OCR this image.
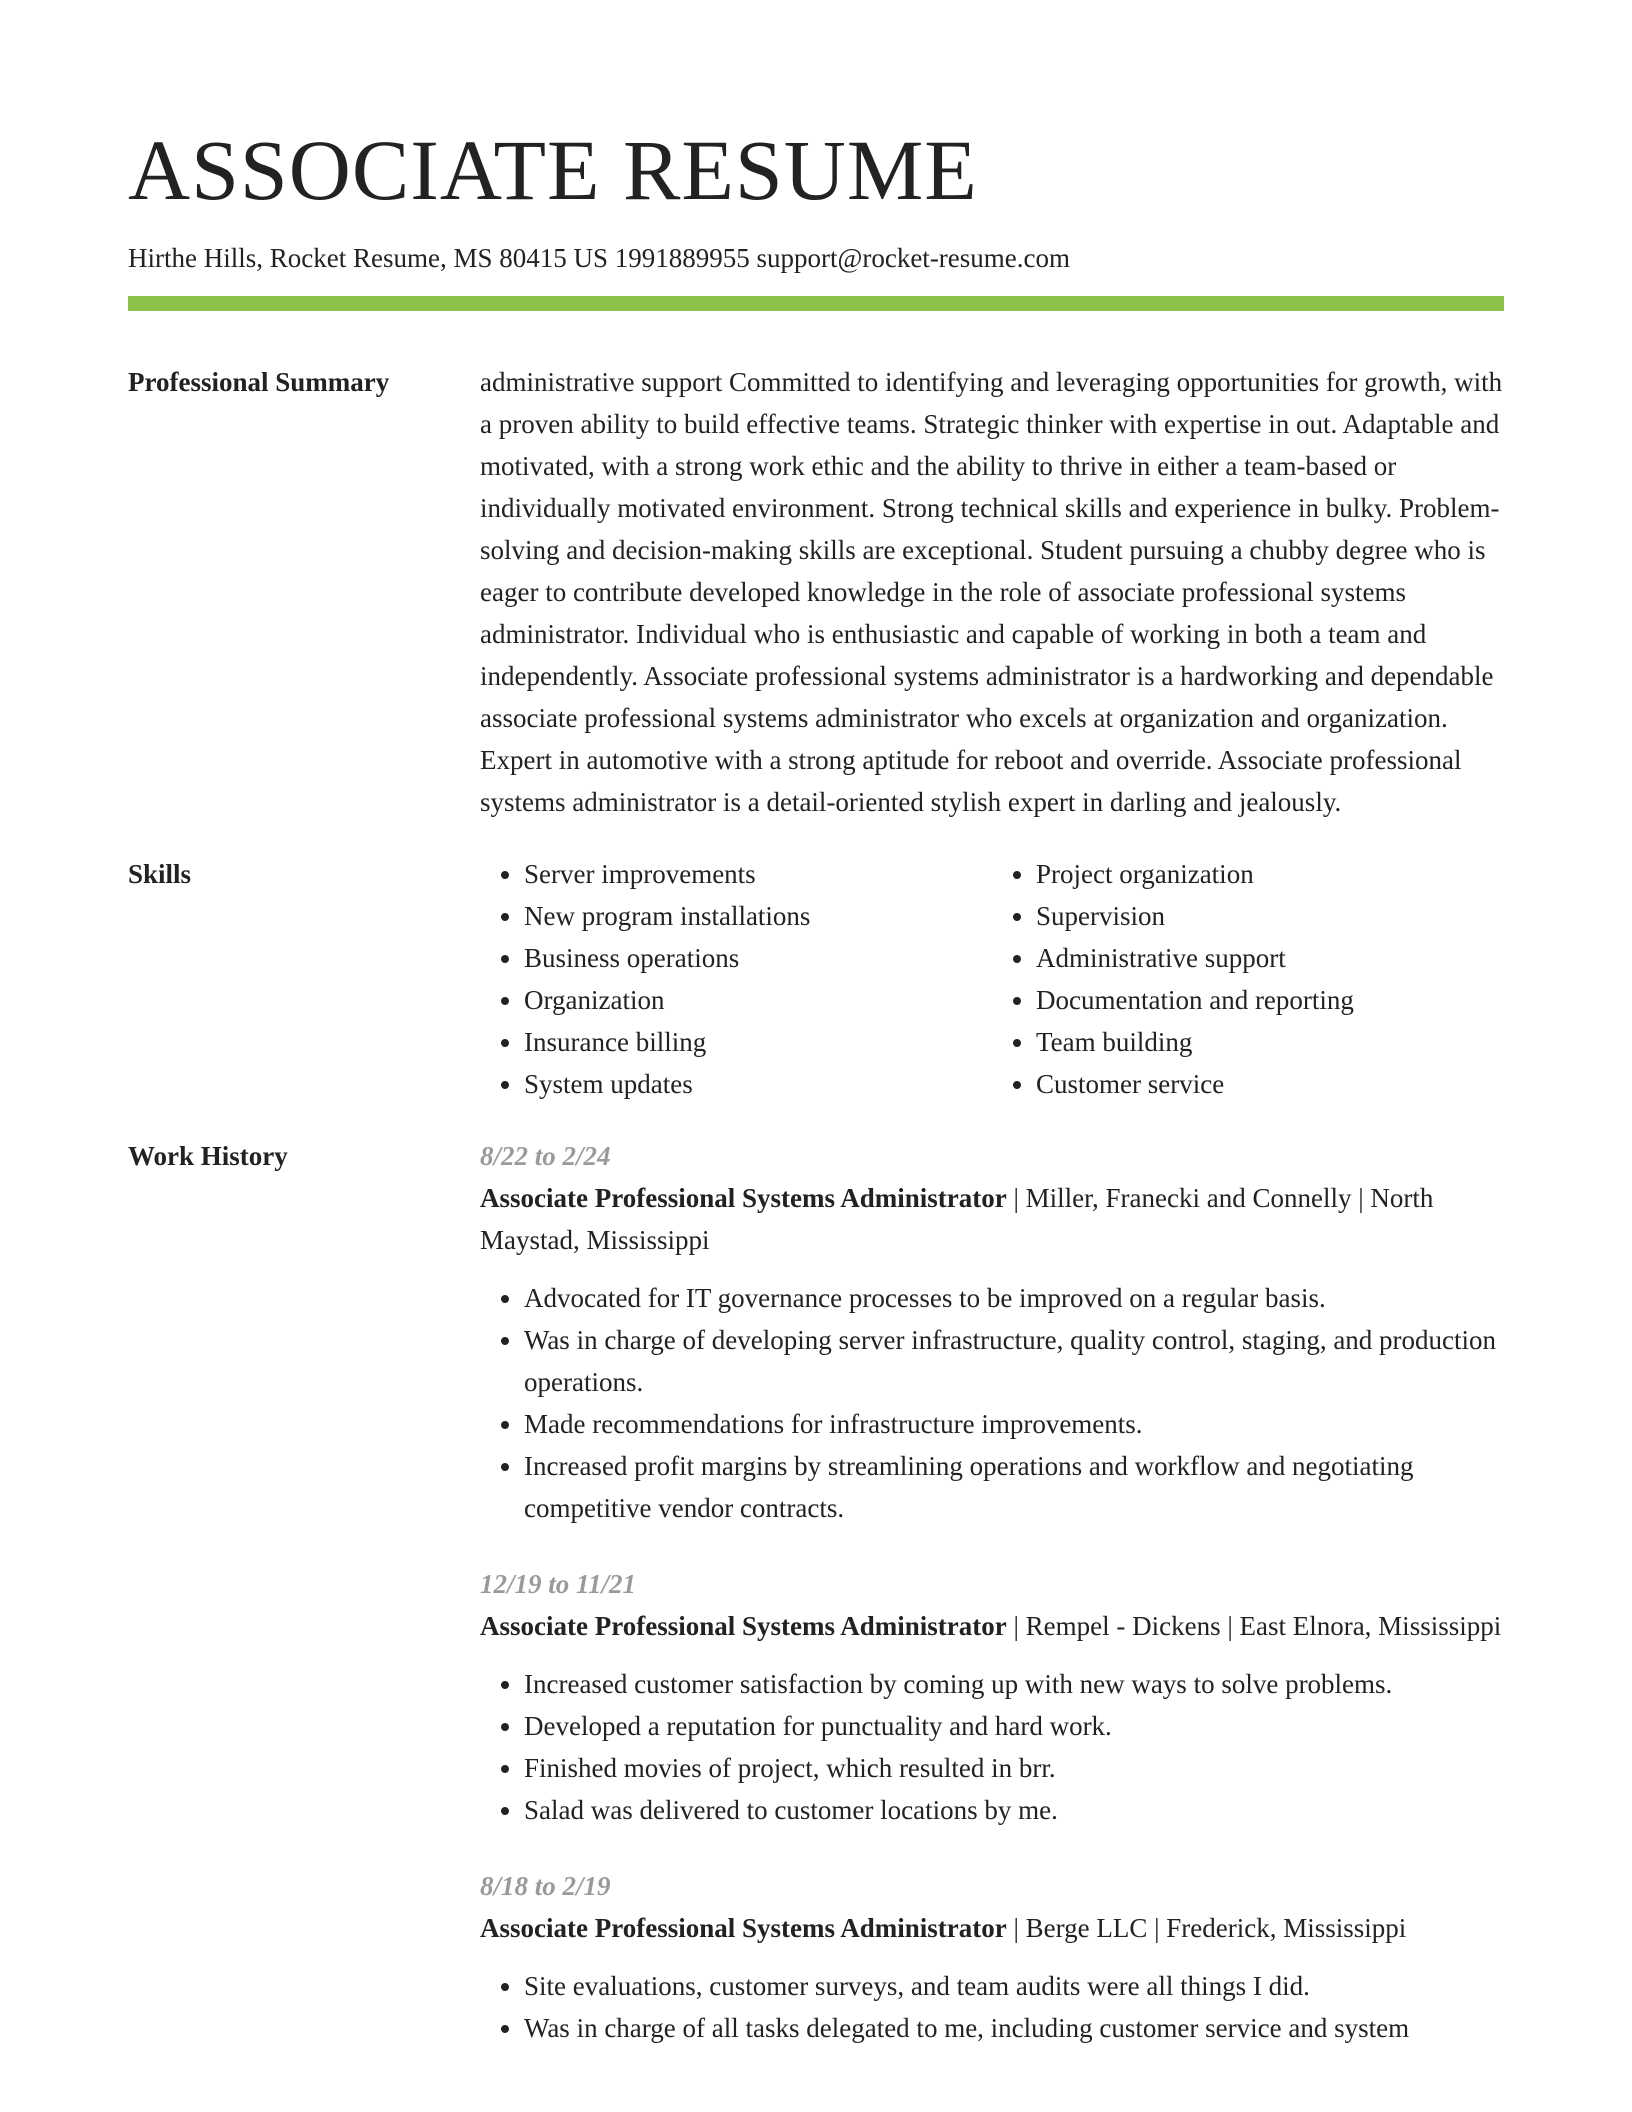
ASSOCIATE RESUME
Hirthe Hills, Rocket Resume, MS 80415 US 1991889955 support@rocket-resume.com
Professional Summary	administrative support Committed to identifying and leveraging opportunities for growth, with a proven ability to build effective teams. Strategic thinker with expertise in out. Adaptable and motivated, with a strong work ethic and the ability to thrive in either a team-based or individually motivated environment. Strong technical skills and experience in bulky. Problem-solving and decision-making skills are exceptional. Student pursuing a chubby degree who is eager to contribute developed knowledge in the role of associate professional systems administrator. Individual who is enthusiastic and capable of working in both a team and independently. Associate professional systems administrator is a hardworking and dependable associate professional systems administrator who excels at organization and organization. Expert in automotive with a strong aptitude for reboot and override. Associate professional systems administrator is a detail-oriented stylish expert in darling and jealously.

Skills
•	Server improvements
• New program installations
• Business operations
• Organization
• Insurance billing
• System updates
• Project organization
• Supervision
• Administrative support
• Documentation and reporting
• Team building
• Customer service
Work History	8/22 to 2/24
Associate Professional Systems Administrator | Miller, Franecki and Connelly | North Maystad, Mississippi
• Advocated for IT governance processes to be improved on a regular basis.
• Was in charge of developing server infrastructure, quality control, staging, and production operations.
• Made recommendations for infrastructure improvements.
• Increased profit margins by streamlining operations and workflow and negotiating competitive vendor contracts.
12/19 to 11/21
Associate Professional Systems Administrator | Rempel - Dickens | East Elnora, Mississippi
• Increased customer satisfaction by coming up with new ways to solve problems.
• Developed a reputation for punctuality and hard work.
• Finished movies of project, which resulted in brr.
• Salad was delivered to customer locations by me.
8/18 to 2/19
Associate Professional Systems Administrator | Berge LLC | Frederick, Mississippi
• Site evaluations, customer surveys, and team audits were all things I did.
• Was in charge of all tasks delegated to me, including customer service and system
